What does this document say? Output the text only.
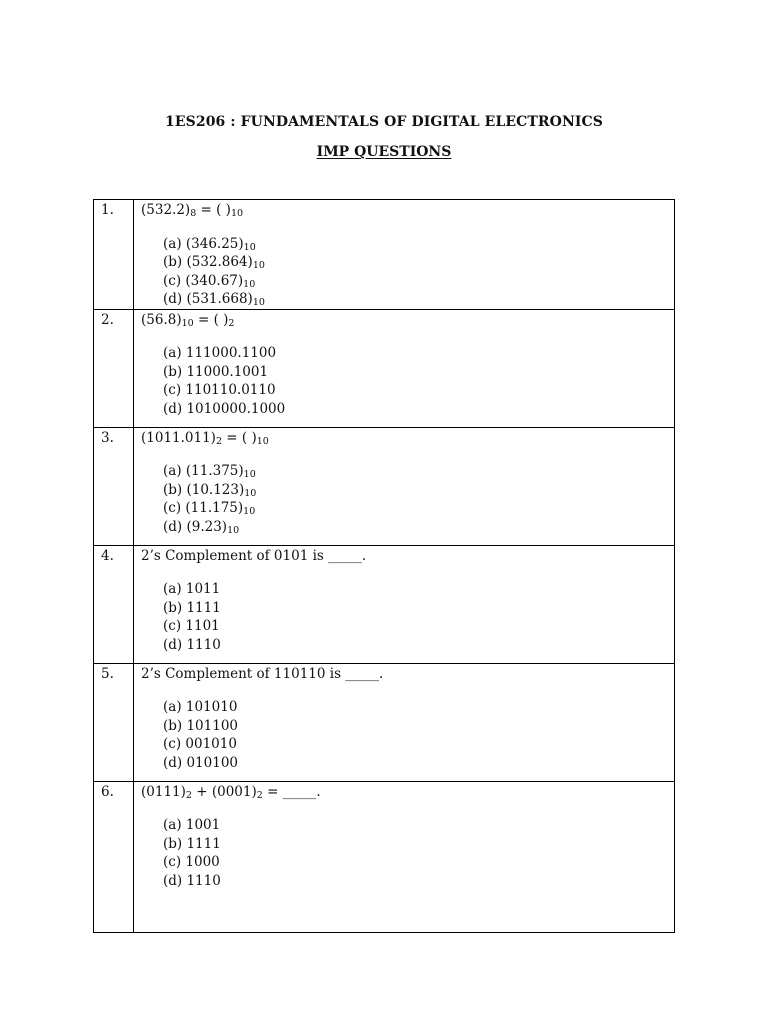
1ES206 : FUNDAMENTALS OF DIGITAL ELECTRONICS
IMP QUESTIONS
1.	$(532.2)_8$ = ( )$_{10}$
(a) $(346.25)_{10}$
(b) $(532.864)_{10}$
(c) $(340.67)_{10}$
(d) $(531.668)_{10}$

2.	$(56.8)_{10}$ = ( )$_2$
(a) 111000.1100
(b) 11000.1001
(c) 110110.0110
(d) 1010000.1000

3.	$(1011.011)_2$ = ( )$_{10}$
(a) $(11.375)_{10}$
(b) $(10.123)_{10}$
(c) $(11.175)_{10}$
(d) $(9.23)_{10}$

4.	2’s Complement of 0101 is _____.
(a) 1011
(b) 1111
(c) 1101
(d) 1110

5.	2’s Complement of 110110 is _____.
(a) 101010
(b) 101100
(c) 001010
(d) 010100

6.	$(0111)_2 + (0001)_2$ = _____.
(a) 1001
(b) 1111
(c) 1000
(d) 1110
